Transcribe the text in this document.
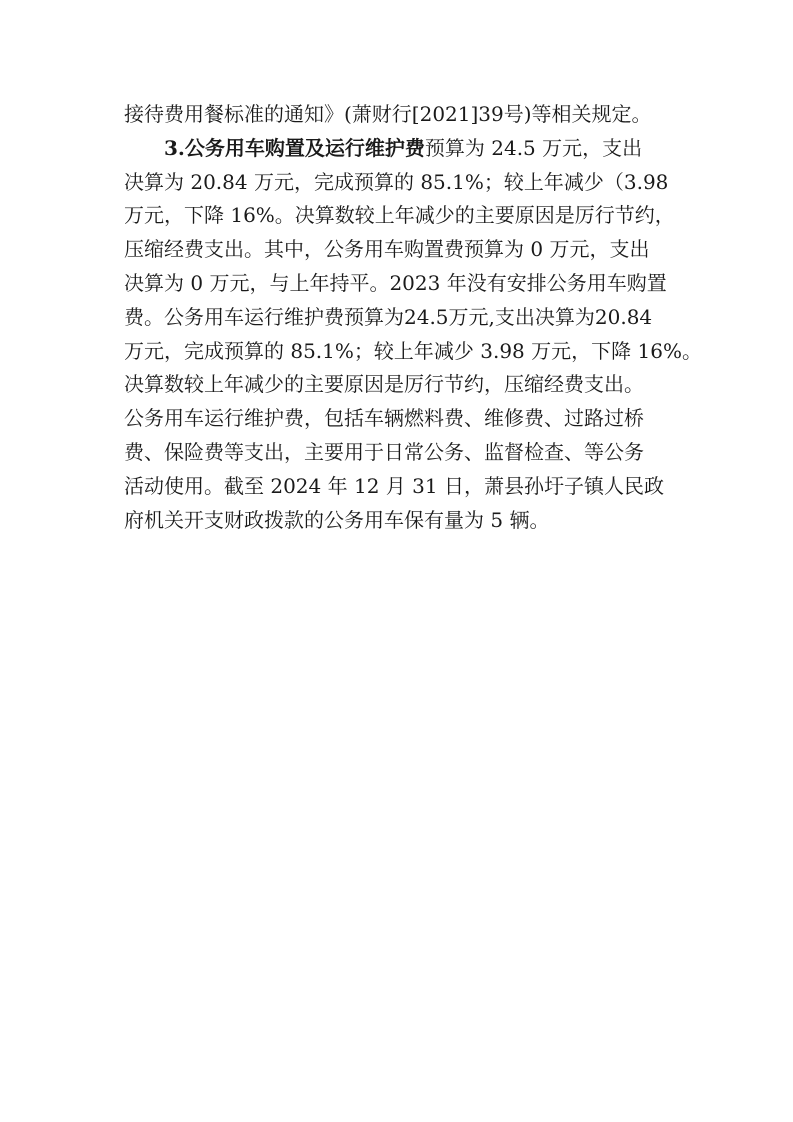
接待费用餐标准的通知》(萧财行[2021]39号)等相关规定。
3.公务用车购置及运行维护费预算为 24.5 万元，支出
决算为 20.84 万元，完成预算的 85.1%；较上年减少（3.98
万元，下降 16%。决算数较上年减少的主要原因是厉行节约，
压缩经费支出。其中，公务用车购置费预算为 0 万元，支出
决算为 0 万元，与上年持平。2023 年没有安排公务用车购置
费。公务用车运行维护费预算为24.5万元,支出决算为20.84
万元，完成预算的 85.1%；较上年减少 3.98 万元，下降 16%。
决算数较上年减少的主要原因是厉行节约，压缩经费支出。
公务用车运行维护费，包括车辆燃料费、维修费、过路过桥
费、保险费等支出，主要用于日常公务、监督检查、等公务
活动使用。截至 2024 年 12 月 31 日，萧县孙圩子镇人民政
府机关开支财政拨款的公务用车保有量为 5 辆。
